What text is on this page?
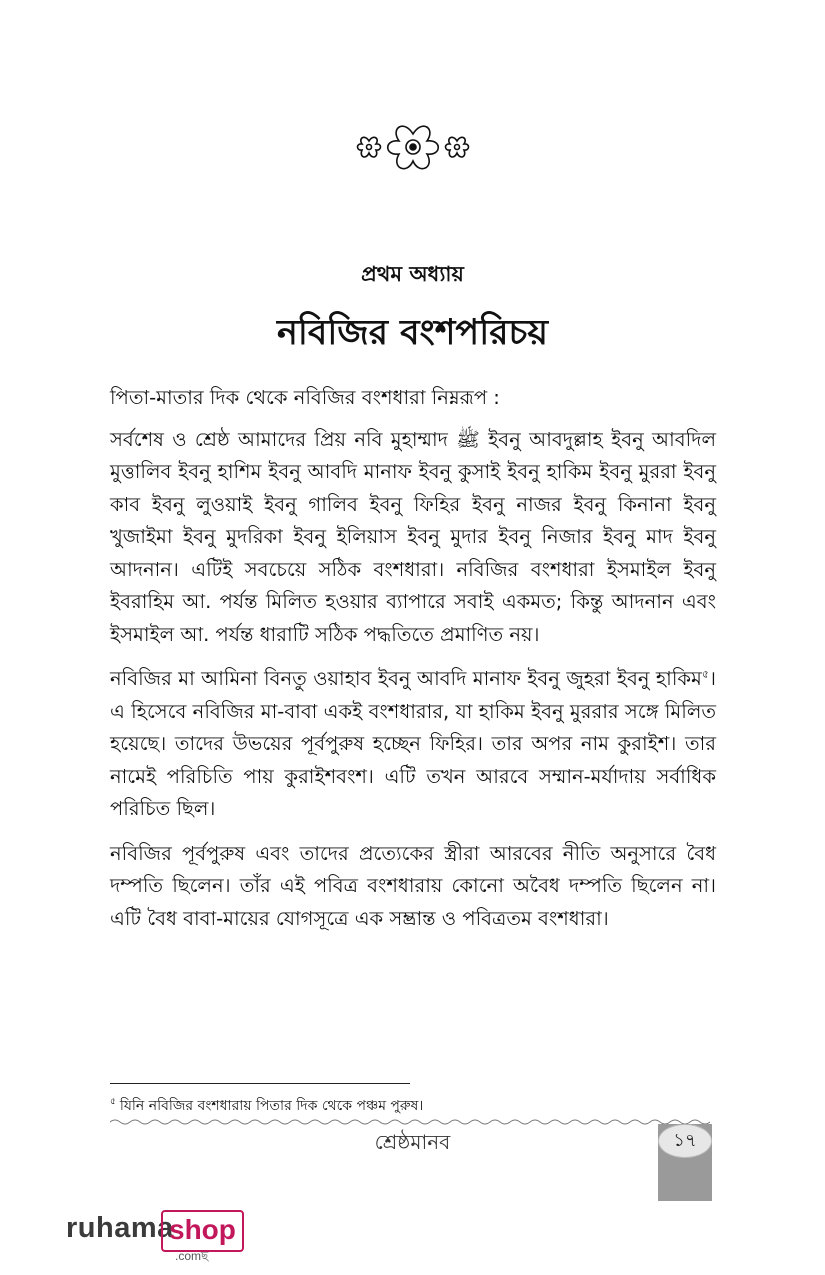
প্রথম অধ্যায়
নবিজির বংশপরিচয়

পিতা-মাতার দিক থেকে নবিজির বংশধারা নিম্নরূপ :

সর্বশেষ ও শ্রেষ্ঠ আমাদের প্রিয় নবি মুহাম্মাদ ﷺ ইবনু আবদুল্লাহ ইবনু আবদিল মুত্তালিব ইবনু হাশিম ইবনু আবদি মানাফ ইবনু কুসাই ইবনু হাকিম ইবনু মুররা ইবনু কাব ইবনু লুওয়াই ইবনু গালিব ইবনু ফিহির ইবনু নাজর ইবনু কিনানা ইবনু খুজাইমা ইবনু মুদরিকা ইবনু ইলিয়াস ইবনু মুদার ইবনু নিজার ইবনু মাদ ইবনু আদনান। এটিই সবচেয়ে সঠিক বংশধারা। নবিজির বংশধারা ইসমাইল ইবনু ইবরাহিম আ. পর্যন্ত মিলিত হওয়ার ব্যাপারে সবাই একমত; কিন্তু আদনান এবং ইসমাইল আ. পর্যন্ত ধারাটি সঠিক পদ্ধতিতে প্রমাণিত নয়।

নবিজির মা আমিনা বিনতু ওয়াহাব ইবনু আবদি মানাফ ইবনু জুহরা ইবনু হাকিম$^৫$। এ হিসেবে নবিজির মা-বাবা একই বংশধারার, যা হাকিম ইবনু মুররার সঙ্গে মিলিত হয়েছে। তাদের উভয়ের পূর্বপুরুষ হচ্ছেন ফিহির। তার অপর নাম কুরাইশ। তার নামেই পরিচিতি পায় কুরাইশবংশ। এটি তখন আরবে সম্মান-মর্যাদায় সর্বাধিক পরিচিত ছিল।

নবিজির পূর্বপুরুষ এবং তাদের প্রত্যেকের স্ত্রীরা আরবের নীতি অনুসারে বৈধ দম্পতি ছিলেন। তাঁর এই পবিত্র বংশধারায় কোনো অবৈধ দম্পতি ছিলেন না। এটি বৈধ বাবা-মায়ের যোগসূত্রে এক সম্ভ্রান্ত ও পবিত্রতম বংশধারা।

$^৫$ যিনি নবিজির বংশধারায় পিতার দিক থেকে পঞ্চম পুরুষ।
শ্রেষ্ঠমানব	১৭
ruhama
shop
.comছ
